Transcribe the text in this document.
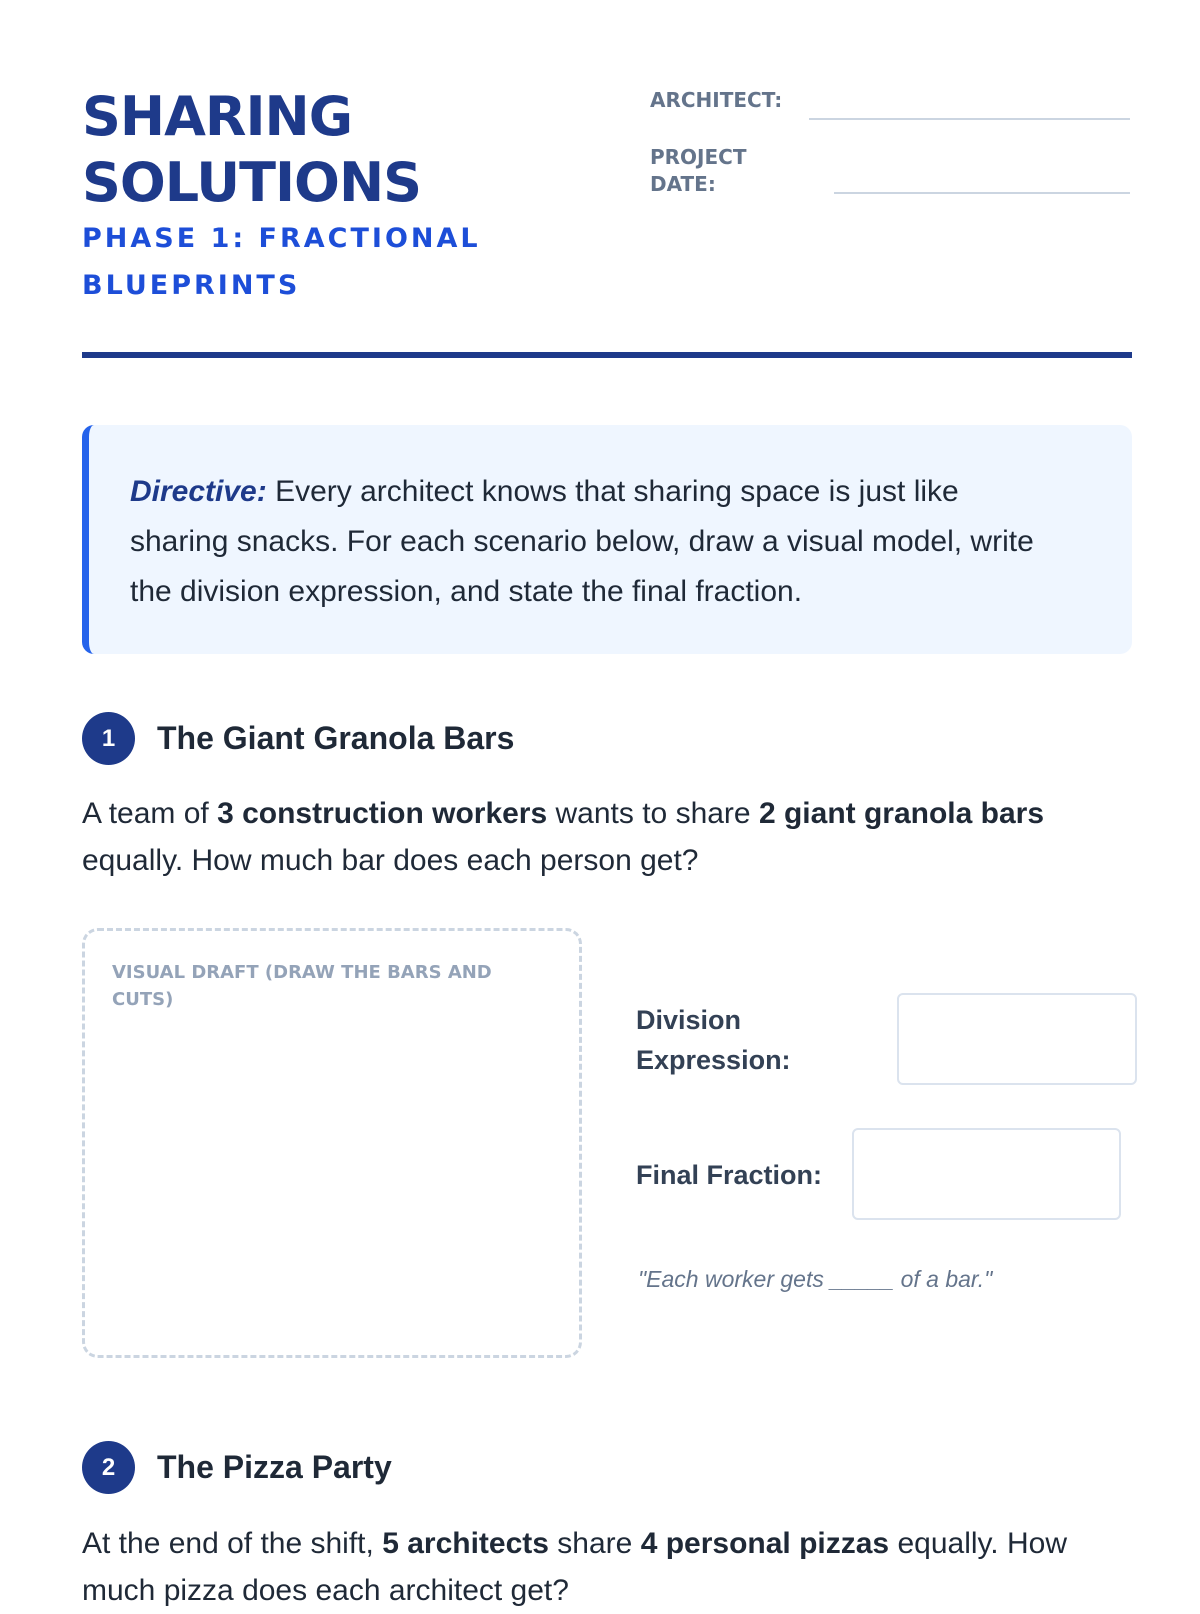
SHARING
SOLUTIONS
PHASE 1: FRACTIONAL BLUEPRINTS
ARCHITECT:
PROJECT DATE:
Directive: Every architect knows that sharing space is just like sharing snacks. For each scenario below, draw a visual model, write the division expression, and state the final fraction.
1	The Giant Granola Bars
A team of 3 construction workers wants to share 2 giant granola bars equally. How much bar does each person get?
VISUAL DRAFT (DRAW THE BARS AND CUTS)
Division Expression:
Final Fraction:
"Each worker gets _____ of a bar."
2	The Pizza Party
At the end of the shift, 5 architects share 4 personal pizzas equally. How much pizza does each architect get?
